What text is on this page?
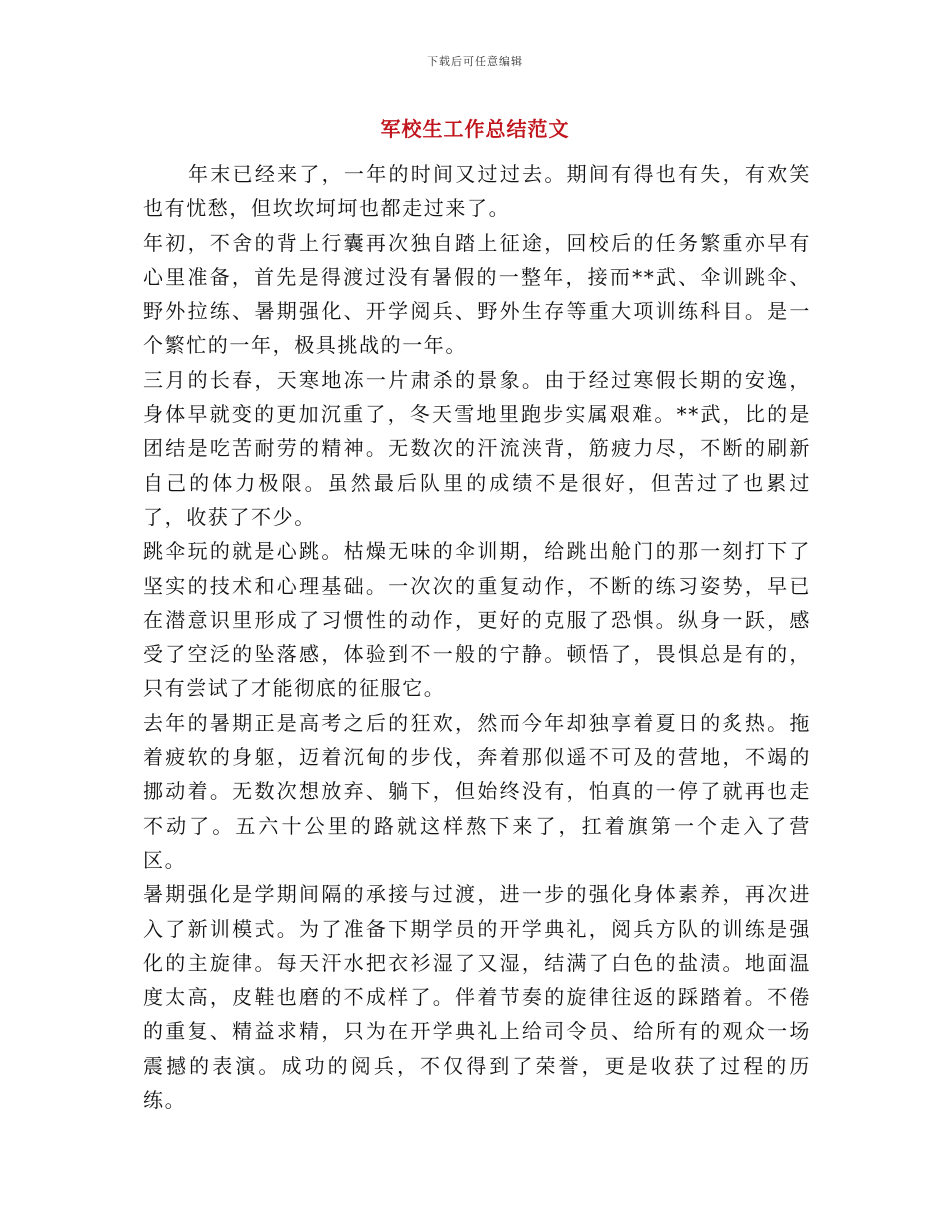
下载后可任意编辑
军校生工作总结范文

年末已经来了，一年的时间又过过去。期间有得也有失，有欢笑也有忧愁，但坎坎坷坷也都走过来了。

年初，不舍的背上行囊再次独自踏上征途，回校后的任务繁重亦早有心里准备，首先是得渡过没有暑假的一整年，接而**武、伞训跳伞、野外拉练、暑期强化、开学阅兵、野外生存等重大项训练科目。是一个繁忙的一年，极具挑战的一年。

三月的长春，天寒地冻一片肃杀的景象。由于经过寒假长期的安逸，身体早就变的更加沉重了，冬天雪地里跑步实属艰难。**武，比的是团结是吃苦耐劳的精神。无数次的汗流浃背，筋疲力尽，不断的刷新自己的体力极限。虽然最后队里的成绩不是很好，但苦过了也累过了，收获了不少。

跳伞玩的就是心跳。枯燥无味的伞训期，给跳出舱门的那一刻打下了坚实的技术和心理基础。一次次的重复动作，不断的练习姿势，早已在潜意识里形成了习惯性的动作，更好的克服了恐惧。纵身一跃，感受了空泛的坠落感，体验到不一般的宁静。顿悟了，畏惧总是有的，只有尝试了才能彻底的征服它。

去年的暑期正是高考之后的狂欢，然而今年却独享着夏日的炙热。拖着疲软的身躯，迈着沉甸的步伐，奔着那似遥不可及的营地，不竭的挪动着。无数次想放弃、躺下，但始终没有，怕真的一停了就再也走不动了。五六十公里的路就这样熬下来了，扛着旗第一个走入了营区。

暑期强化是学期间隔的承接与过渡，进一步的强化身体素养，再次进入了新训模式。为了准备下期学员的开学典礼，阅兵方队的训练是强化的主旋律。每天汗水把衣衫湿了又湿，结满了白色的盐渍。地面温度太高，皮鞋也磨的不成样了。伴着节奏的旋律往返的踩踏着。不倦的重复、精益求精，只为在开学典礼上给司令员、给所有的观众一场震撼的表演。成功的阅兵，不仅得到了荣誉，更是收获了过程的历练。
